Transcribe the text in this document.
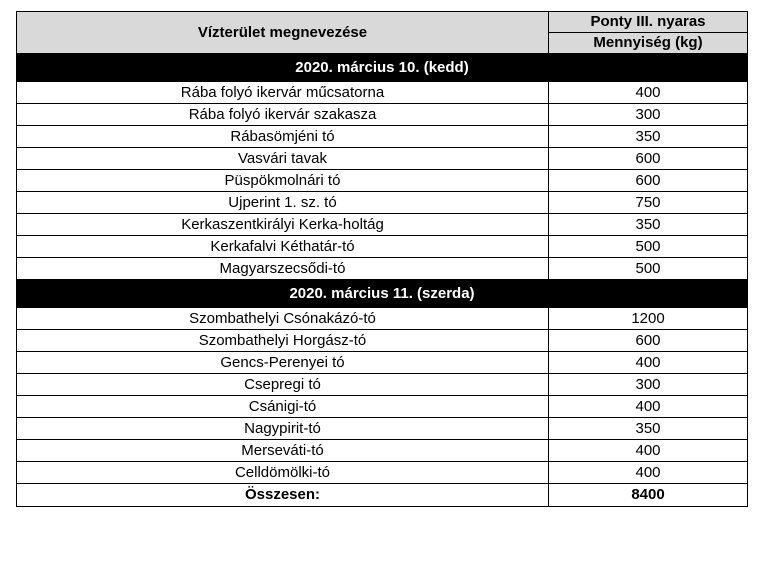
Vízterület megnevezése	Ponty III. nyaras
	Mennyiség (kg)
2020. március 10. (kedd)	
Rába folyó ikervár műcsatorna	400
Rába folyó ikervár szakasza	300
Rábasömjéni tó	350
Vasvári tavak	600
Püspökmolnári tó	600
Ujperint 1. sz. tó	750
Kerkaszentkirályi Kerka-holtág	350
Kerkafalvi Kéthatár-tó	500
Magyarszecsődi-tó	500
2020. március 11. (szerda)	
Szombathelyi Csónakázó-tó	1200
Szombathelyi Horgász-tó	600
Gencs-Perenyei tó	400
Csepregi tó	300
Csánigi-tó	400
Nagypirit-tó	350
Merseváti-tó	400
Celldömölki-tó	400
Összesen:	8400
